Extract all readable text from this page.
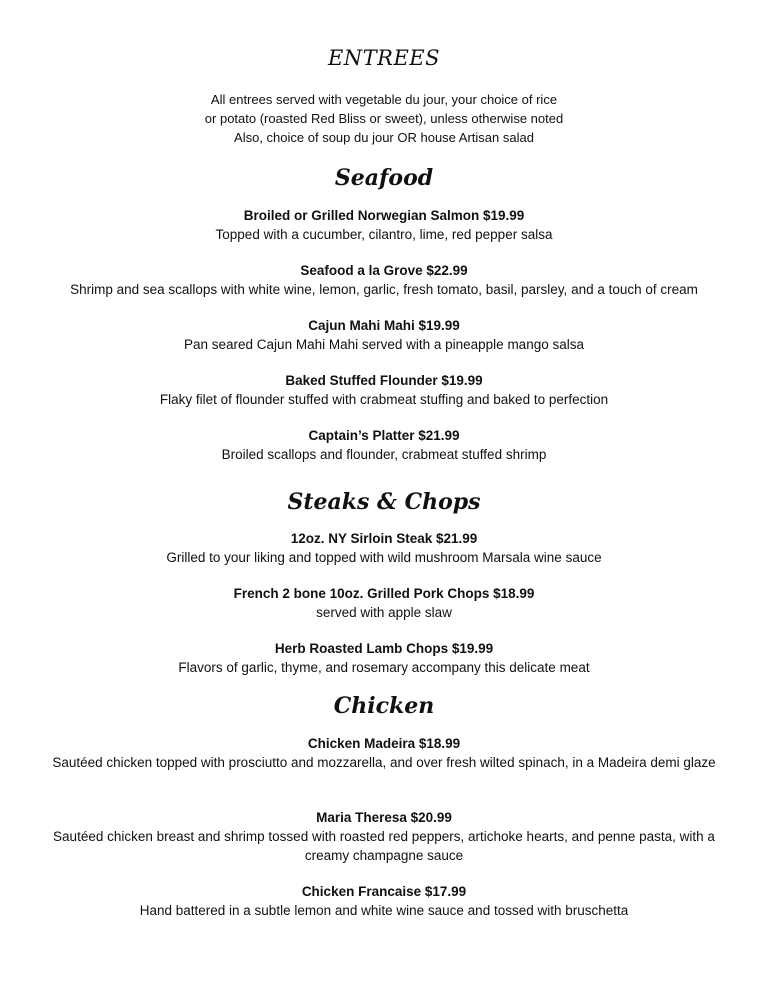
ENTREES
All entrees served with vegetable du jour, your choice of rice
or potato (roasted Red Bliss or sweet), unless otherwise noted
Also, choice of soup du jour OR house Artisan salad
Seafood
Broiled or Grilled Norwegian Salmon $19.99
Topped with a cucumber, cilantro, lime, red pepper salsa
Seafood a la Grove $22.99
Shrimp and sea scallops with white wine, lemon, garlic, fresh tomato, basil, parsley, and a touch of cream
Cajun Mahi Mahi $19.99
Pan seared Cajun Mahi Mahi served with a pineapple mango salsa
Baked Stuffed Flounder $19.99
Flaky filet of flounder stuffed with crabmeat stuffing and baked to perfection
Captain’s Platter $21.99
Broiled scallops and flounder, crabmeat stuffed shrimp
Steaks & Chops
12oz. NY Sirloin Steak $21.99
Grilled to your liking and topped with wild mushroom Marsala wine sauce
French 2 bone 10oz. Grilled Pork Chops $18.99
served with apple slaw
Herb Roasted Lamb Chops $19.99
Flavors of garlic, thyme, and rosemary accompany this delicate meat
Chicken
Chicken Madeira $18.99
Sautéed chicken topped with prosciutto and mozzarella, and over fresh wilted spinach, in a Madeira demi glaze
Maria Theresa $20.99
Sautéed chicken breast and shrimp tossed with roasted red peppers, artichoke hearts, and penne pasta, with a creamy champagne sauce
Chicken Francaise $17.99
Hand battered in a subtle lemon and white wine sauce and tossed with bruschetta
